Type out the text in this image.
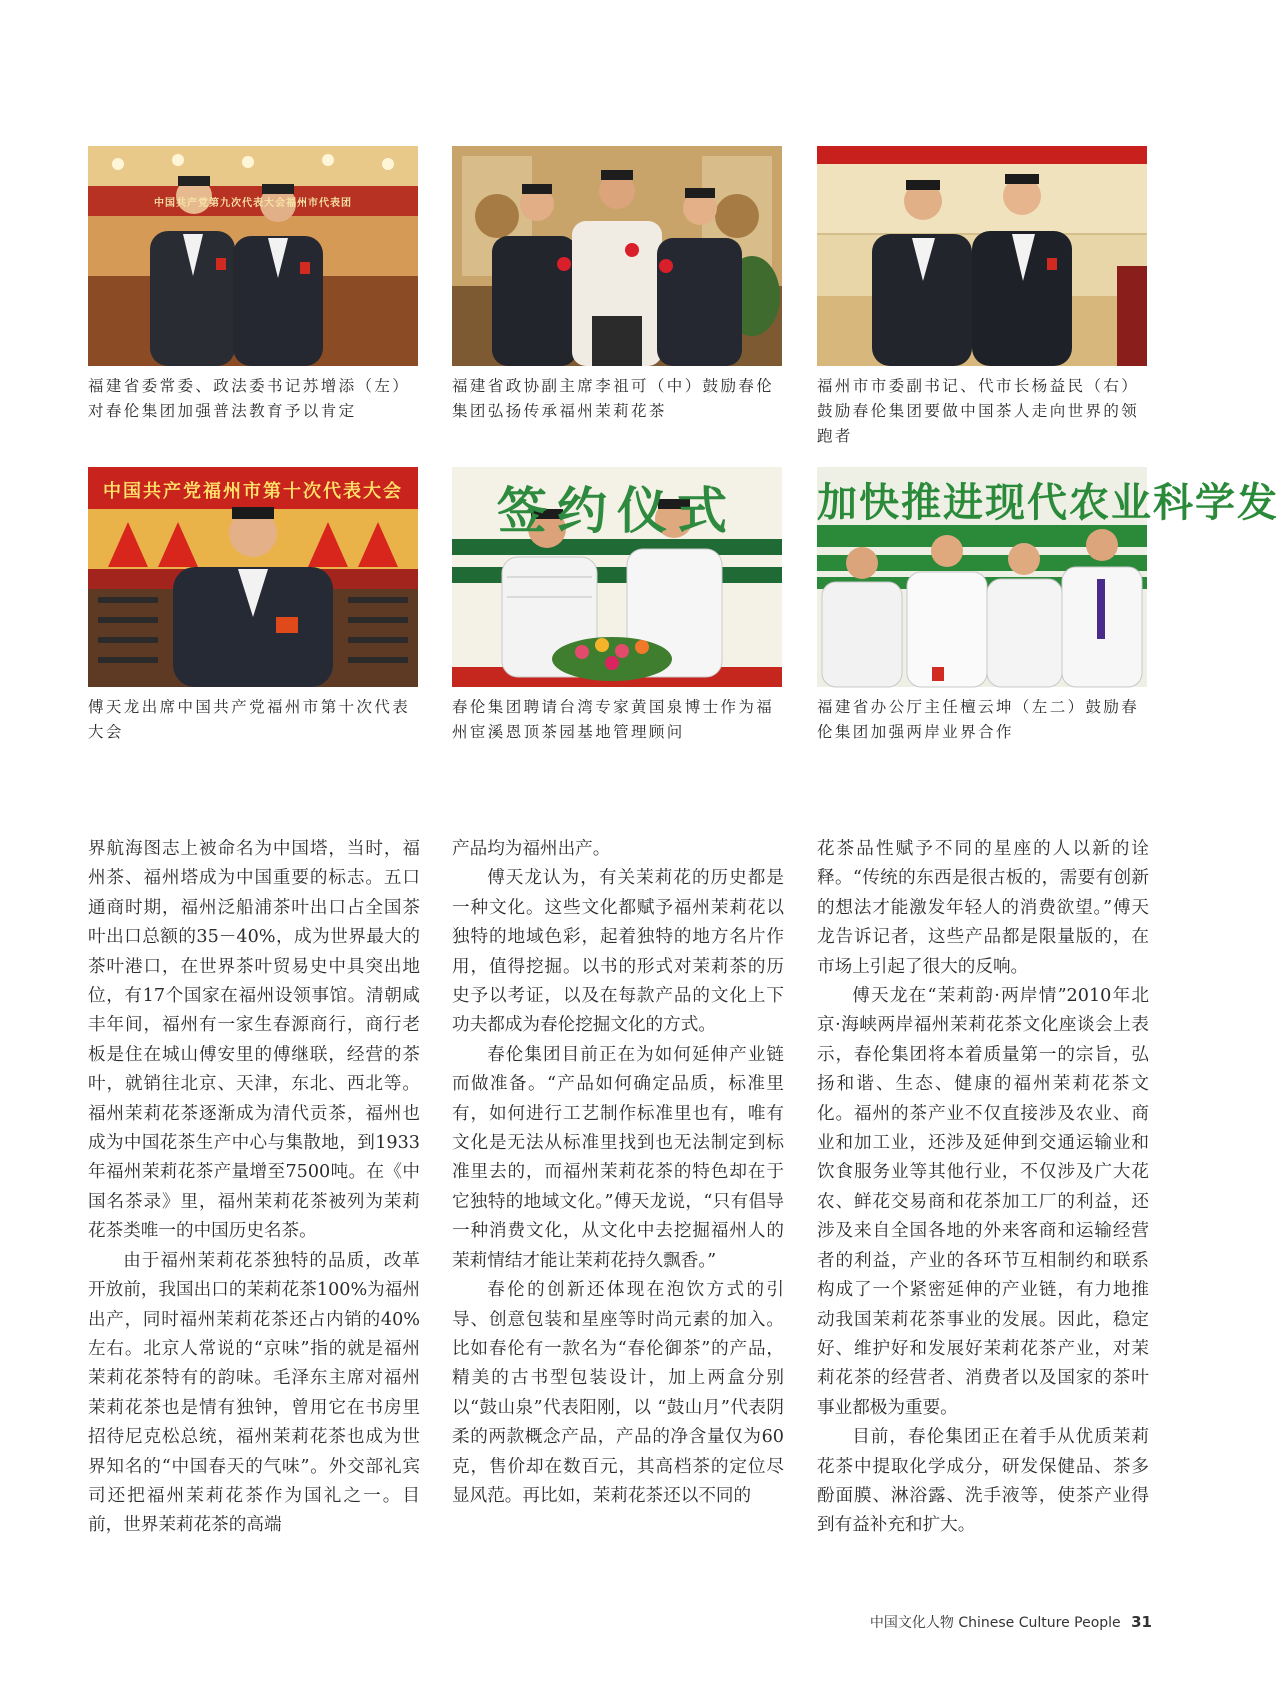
中国共产党第九次代表大会福州市代表团

福建省委常委、政法委书记苏增添（左）对春伦集团加强普法教育予以肯定

福建省政协副主席李祖可（中）鼓励春伦集团弘扬传承福州茉莉花茶

福州市市委副书记、代市长杨益民（右）鼓励春伦集团要做中国茶人走向世界的领跑者

中国共产党福州市第十次代表大会

傅天龙出席中国共产党福州市第十次代表大会

签约仪式

春伦集团聘请台湾专家黄国泉博士作为福州宦溪恩顶茶园基地管理顾问

加快推进现代农业科学发

福建省办公厅主任檀云坤（左二）鼓励春伦集团加强两岸业界合作

界航海图志上被命名为中国塔，当时，福州茶、福州塔成为中国重要的标志。五口通商时期，福州泛船浦茶叶出口占全国茶叶出口总额的35－40%，成为世界最大的茶叶港口，在世界茶叶贸易史中具突出地位，有17个国家在福州设领事馆。清朝咸丰年间，福州有一家生春源商行，商行老板是住在城山傅安里的傅继联，经营的茶叶，就销往北京、天津，东北、西北等。福州茉莉花茶逐渐成为清代贡茶，福州也成为中国花茶生产中心与集散地，到1933年福州茉莉花茶产量增至7500吨。在《中国名茶录》里，福州茉莉花茶被列为茉莉花茶类唯一的中国历史名茶。

由于福州茉莉花茶独特的品质，改革开放前，我国出口的茉莉花茶100%为福州出产，同时福州茉莉花茶还占内销的40%左右。北京人常说的“京味”指的就是福州茉莉花茶特有的韵味。毛泽东主席对福州茉莉花茶也是情有独钟，曾用它在书房里招待尼克松总统，福州茉莉花茶也成为世界知名的“中国春天的气味”。外交部礼宾司还把福州茉莉花茶作为国礼之一。目前，世界茉莉花茶的高端

产品均为福州出产。

傅天龙认为，有关茉莉花的历史都是一种文化。这些文化都赋予福州茉莉花以独特的地域色彩，起着独特的地方名片作用，值得挖掘。以书的形式对茉莉茶的历史予以考证，以及在每款产品的文化上下功夫都成为春伦挖掘文化的方式。

春伦集团目前正在为如何延伸产业链而做准备。“产品如何确定品质，标准里有，如何进行工艺制作标准里也有，唯有文化是无法从标准里找到也无法制定到标准里去的，而福州茉莉花茶的特色却在于它独特的地域文化。”傅天龙说，“只有倡导一种消费文化，从文化中去挖掘福州人的茉莉情结才能让茉莉花持久飘香。”

春伦的创新还体现在泡饮方式的引导、创意包装和星座等时尚元素的加入。比如春伦有一款名为“春伦御茶”的产品，精美的古书型包装设计，加上两盒分别以“鼓山泉”代表阳刚，以 “鼓山月”代表阴柔的两款概念产品，产品的净含量仅为60克，售价却在数百元，其高档茶的定位尽显风范。再比如，茉莉花茶还以不同的

花茶品性赋予不同的星座的人以新的诠释。“传统的东西是很古板的，需要有创新的想法才能激发年轻人的消费欲望。”傅天龙告诉记者，这些产品都是限量版的，在市场上引起了很大的反响。

傅天龙在“茉莉韵·两岸情”2010年北京·海峡两岸福州茉莉花茶文化座谈会上表示，春伦集团将本着质量第一的宗旨，弘扬和谐、生态、健康的福州茉莉花茶文化。福州的茶产业不仅直接涉及农业、商业和加工业，还涉及延伸到交通运输业和饮食服务业等其他行业，不仅涉及广大花农、鲜花交易商和花茶加工厂的利益，还涉及来自全国各地的外来客商和运输经营者的利益，产业的各环节互相制约和联系构成了一个紧密延伸的产业链，有力地推动我国茉莉花茶事业的发展。因此，稳定好、维护好和发展好茉莉花茶产业，对茉莉花茶的经营者、消费者以及国家的茶叶事业都极为重要。

目前，春伦集团正在着手从优质茉莉花茶中提取化学成分，研发保健品、茶多酚面膜、淋浴露、洗手液等，使茶产业得到有益补充和扩大。

中国文化人物 Chinese Culture People 31
